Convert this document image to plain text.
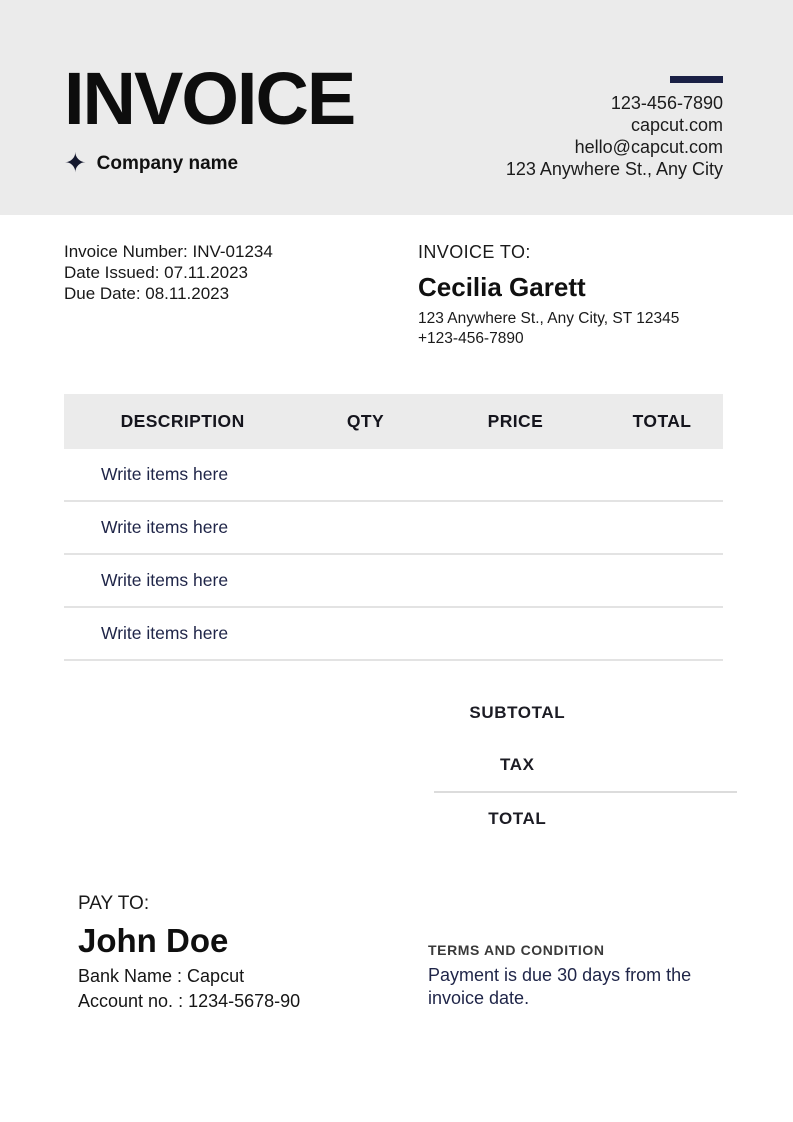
INVOICE
✦ Company name
123-456-7890
capcut.com
hello@capcut.com
123 Anywhere St., Any City
Invoice Number: INV-01234
Date Issued: 07.11.2023
Due Date: 08.11.2023
INVOICE TO:
Cecilia Garett
123 Anywhere St., Any City, ST 12345
+123-456-7890
DESCRIPTION	QTY	PRICE	TOTAL
Write items here
Write items here
Write items here
Write items here
SUBTOTAL
TAX
TOTAL
PAY TO:
John Doe
Bank Name : Capcut
Account no. : 1234-5678-90
TERMS AND CONDITION
Payment is due 30 days from the invoice date.
